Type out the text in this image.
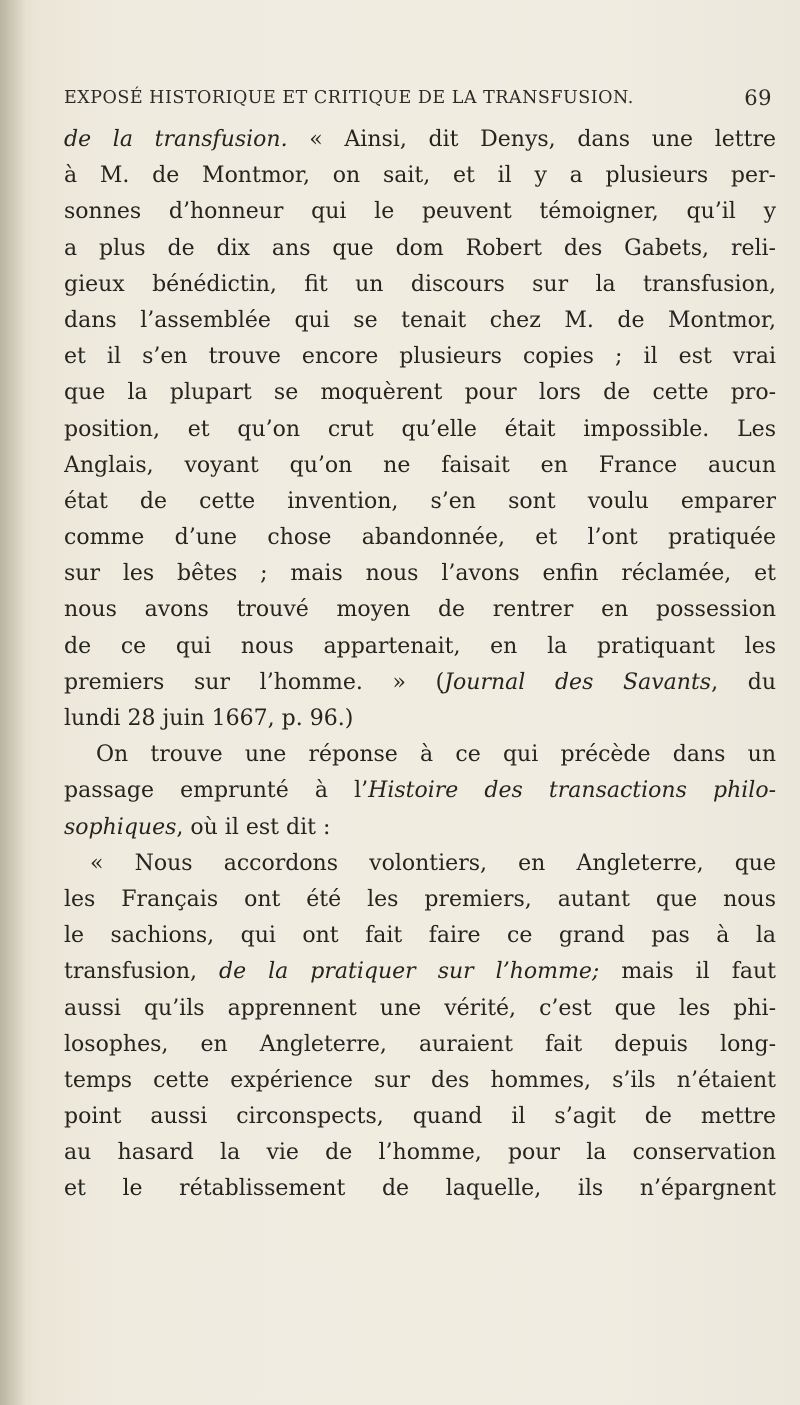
EXPOSÉ HISTORIQUE ET CRITIQUE DE LA TRANSFUSION.	69
de la transfusion. « Ainsi, dit Denys, dans une lettre
à M. de Montmor, on sait, et il y a plusieurs per-
sonnes d’honneur qui le peuvent témoigner, qu’il y
a plus de dix ans que dom Robert des Gabets, reli-
gieux bénédictin, fit un discours sur la transfusion,
dans l’assemblée qui se tenait chez M. de Montmor,
et il s’en trouve encore plusieurs copies ; il est vrai
que la plupart se moquèrent pour lors de cette pro-
position, et qu’on crut qu’elle était impossible. Les
Anglais, voyant qu’on ne faisait en France aucun
état de cette invention, s’en sont voulu emparer
comme d’une chose abandonnée, et l’ont pratiquée
sur les bêtes ; mais nous l’avons enfin réclamée, et
nous avons trouvé moyen de rentrer en possession
de ce qui nous appartenait, en la pratiquant les
premiers sur l’homme. » (Journal des Savants, du
lundi 28 juin 1667, p. 96.)
On trouve une réponse à ce qui précède dans un
passage emprunté à l’Histoire des transactions philo-
sophiques, où il est dit :
« Nous accordons volontiers, en Angleterre, que
les Français ont été les premiers, autant que nous
le sachions, qui ont fait faire ce grand pas à la
transfusion, de la pratiquer sur l’homme; mais il faut
aussi qu’ils apprennent une vérité, c’est que les phi-
losophes, en Angleterre, auraient fait depuis long-
temps cette expérience sur des hommes, s’ils n’étaient
point aussi circonspects, quand il s’agit de mettre
au hasard la vie de l’homme, pour la conservation
et le rétablissement de laquelle, ils n’épargnent
